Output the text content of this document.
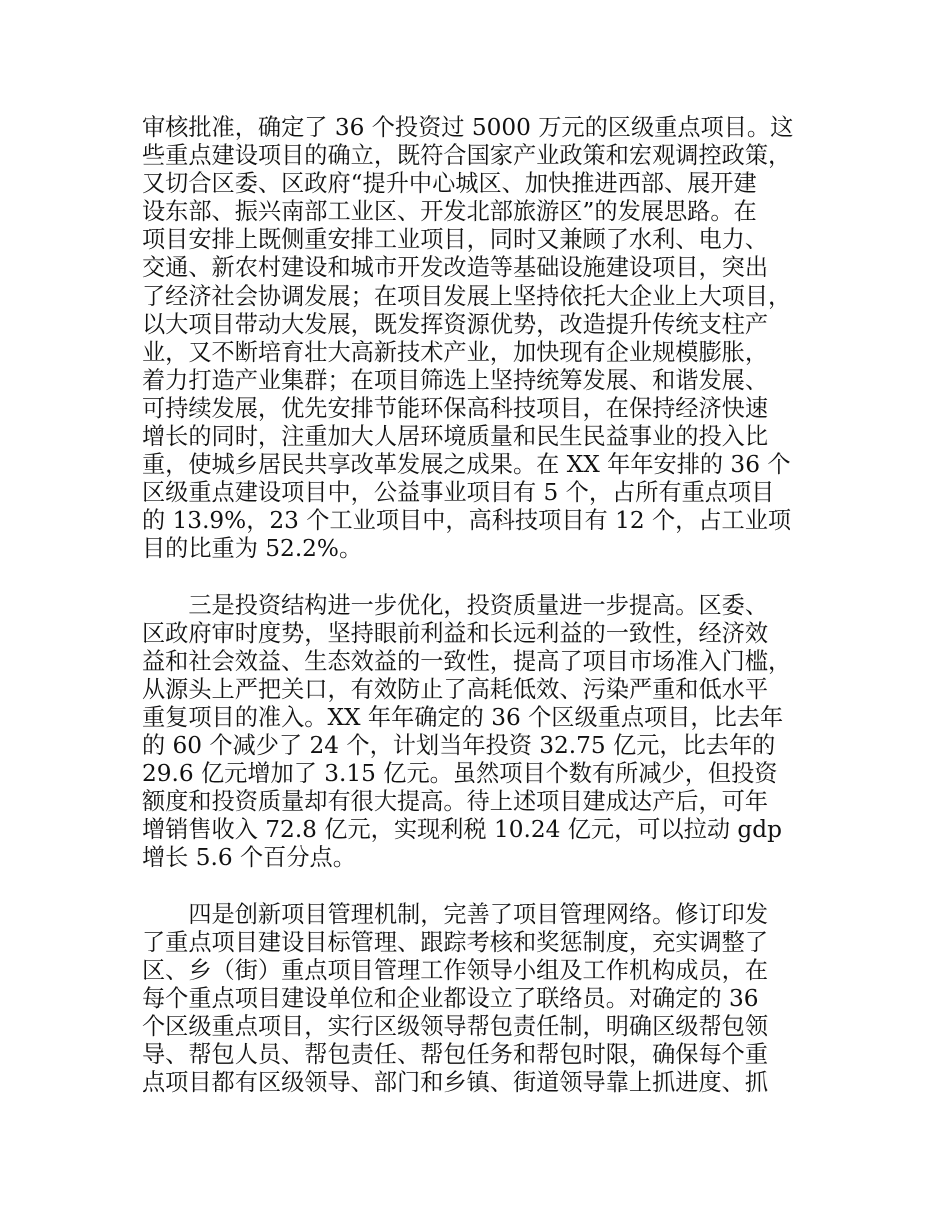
审核批准，确定了 36 个投资过 5000 万元的区级重点项目。这
些重点建设项目的确立，既符合国家产业政策和宏观调控政策，
又切合区委、区政府“提升中心城区、加快推进西部、展开建
设东部、振兴南部工业区、开发北部旅游区”的发展思路。在
项目安排上既侧重安排工业项目，同时又兼顾了水利、电力、
交通、新农村建设和城市开发改造等基础设施建设项目，突出
了经济社会协调发展；在项目发展上坚持依托大企业上大项目，
以大项目带动大发展，既发挥资源优势，改造提升传统支柱产
业，又不断培育壮大高新技术产业，加快现有企业规模膨胀，
着力打造产业集群；在项目筛选上坚持统筹发展、和谐发展、
可持续发展，优先安排节能环保高科技项目，在保持经济快速
增长的同时，注重加大人居环境质量和民生民益事业的投入比
重，使城乡居民共享改革发展之成果。在 XX 年年安排的 36 个
区级重点建设项目中，公益事业项目有 5 个，占所有重点项目
的 13.9%，23 个工业项目中，高科技项目有 12 个，占工业项
目的比重为 52.2%。

　　三是投资结构进一步优化，投资质量进一步提高。区委、
区政府审时度势，坚持眼前利益和长远利益的一致性，经济效
益和社会效益、生态效益的一致性，提高了项目市场准入门槛，
从源头上严把关口，有效防止了高耗低效、污染严重和低水平
重复项目的准入。XX 年年确定的 36 个区级重点项目，比去年
的 60 个减少了 24 个，计划当年投资 32.75 亿元，比去年的
29.6 亿元增加了 3.15 亿元。虽然项目个数有所减少，但投资
额度和投资质量却有很大提高。待上述项目建成达产后，可年
增销售收入 72.8 亿元，实现利税 10.24 亿元，可以拉动 gdp
增长 5.6 个百分点。

　　四是创新项目管理机制，完善了项目管理网络。修订印发
了重点项目建设目标管理、跟踪考核和奖惩制度，充实调整了
区、乡（街）重点项目管理工作领导小组及工作机构成员，在
每个重点项目建设单位和企业都设立了联络员。对确定的 36
个区级重点项目，实行区级领导帮包责任制，明确区级帮包领
导、帮包人员、帮包责任、帮包任务和帮包时限，确保每个重
点项目都有区级领导、部门和乡镇、街道领导靠上抓进度、抓
